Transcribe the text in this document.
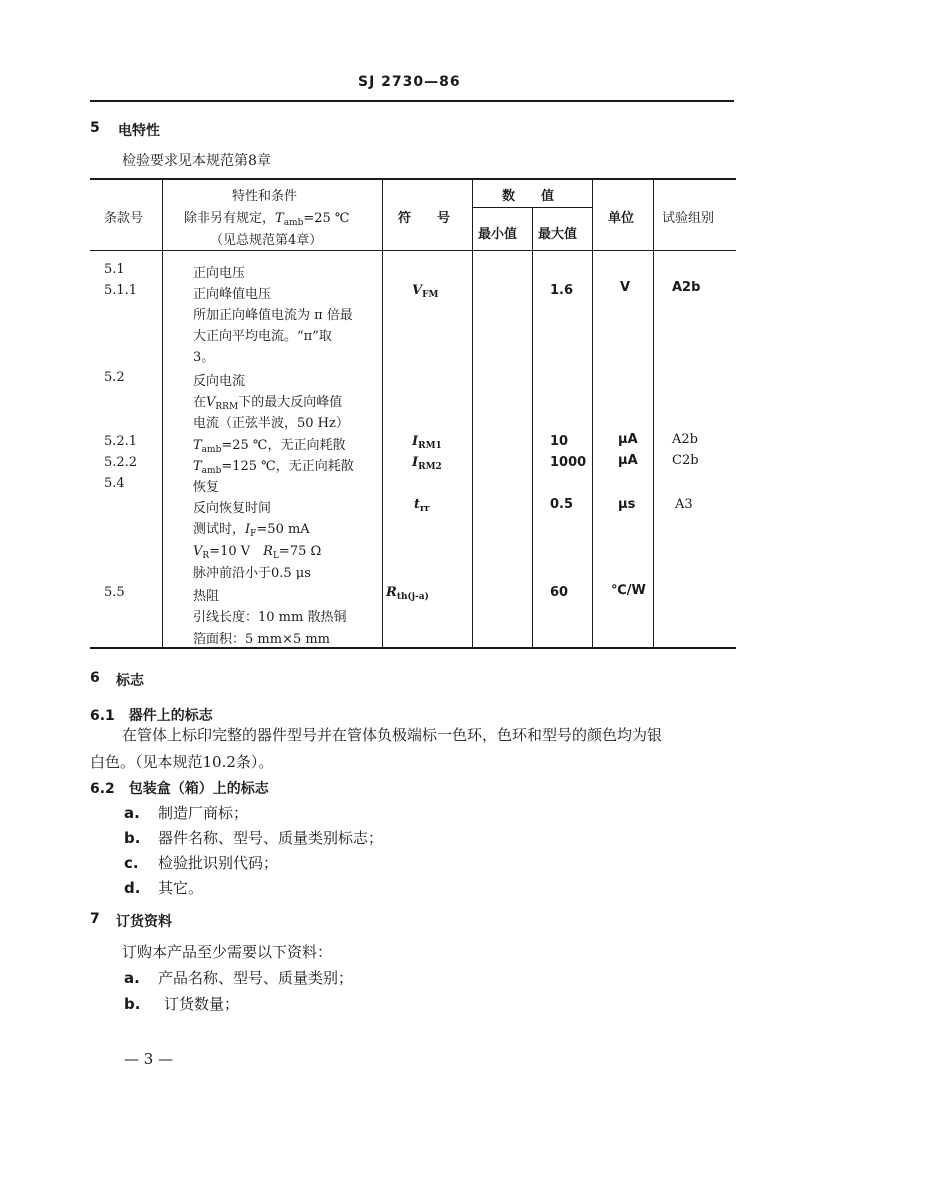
SJ 2730—86
5 电特性
检验要求见本规范第8章
条款号
特性和条件
除非另有规定，$T_{amb}=25$ ℃
（见总规范第4章）
符　　号
数　　值
最小值 最大值
单位 试验组别
5.1
5.1.1
5.2
5.2.1
5.2.2
5.4
5.5
正向电压
正向峰值电压
所加正向峰值电流为 π 倍最
大正向平均电流。“π”取
3。
反向电流
在$V_{RRM}$下的最大反向峰值
电流（正弦半波，50 Hz）
$T_{amb}=25$ ℃，无正向耗散
$T_{amb}=125$ ℃，无正向耗散
恢复
反向恢复时间
测试时，$I_F=50$ mA
$V_R=10$ V　$R_L=75$ Ω
脉冲前沿小于0.5 μs
热阻
引线长度：10 mm 散热铜
箔面积：5 mm×5 mm
$V_{FM}$
$I_{RM1}$
$I_{RM2}$
$t_{rr}$
$R_{th(j-a)}$
1.6
10
1000
0.5
60
V
μA
μA
μs
℃/W
A2b
A2b
C2b
A3
6 标志
6.1　器件上的标志
在管体上标印完整的器件型号并在管体负极端标一色环，色环和型号的颜色均为银
白色。（见本规范10.2条）。
6.2　包装盒（箱）上的标志
a. 制造厂商标；
b. 器件名称、型号、质量类别标志；
c. 检验批识别代码；
d. 其它。
7 订货资料
订购本产品至少需要以下资料：
a. 产品名称、型号、质量类别；
b. 订货数量；
— 3 —
